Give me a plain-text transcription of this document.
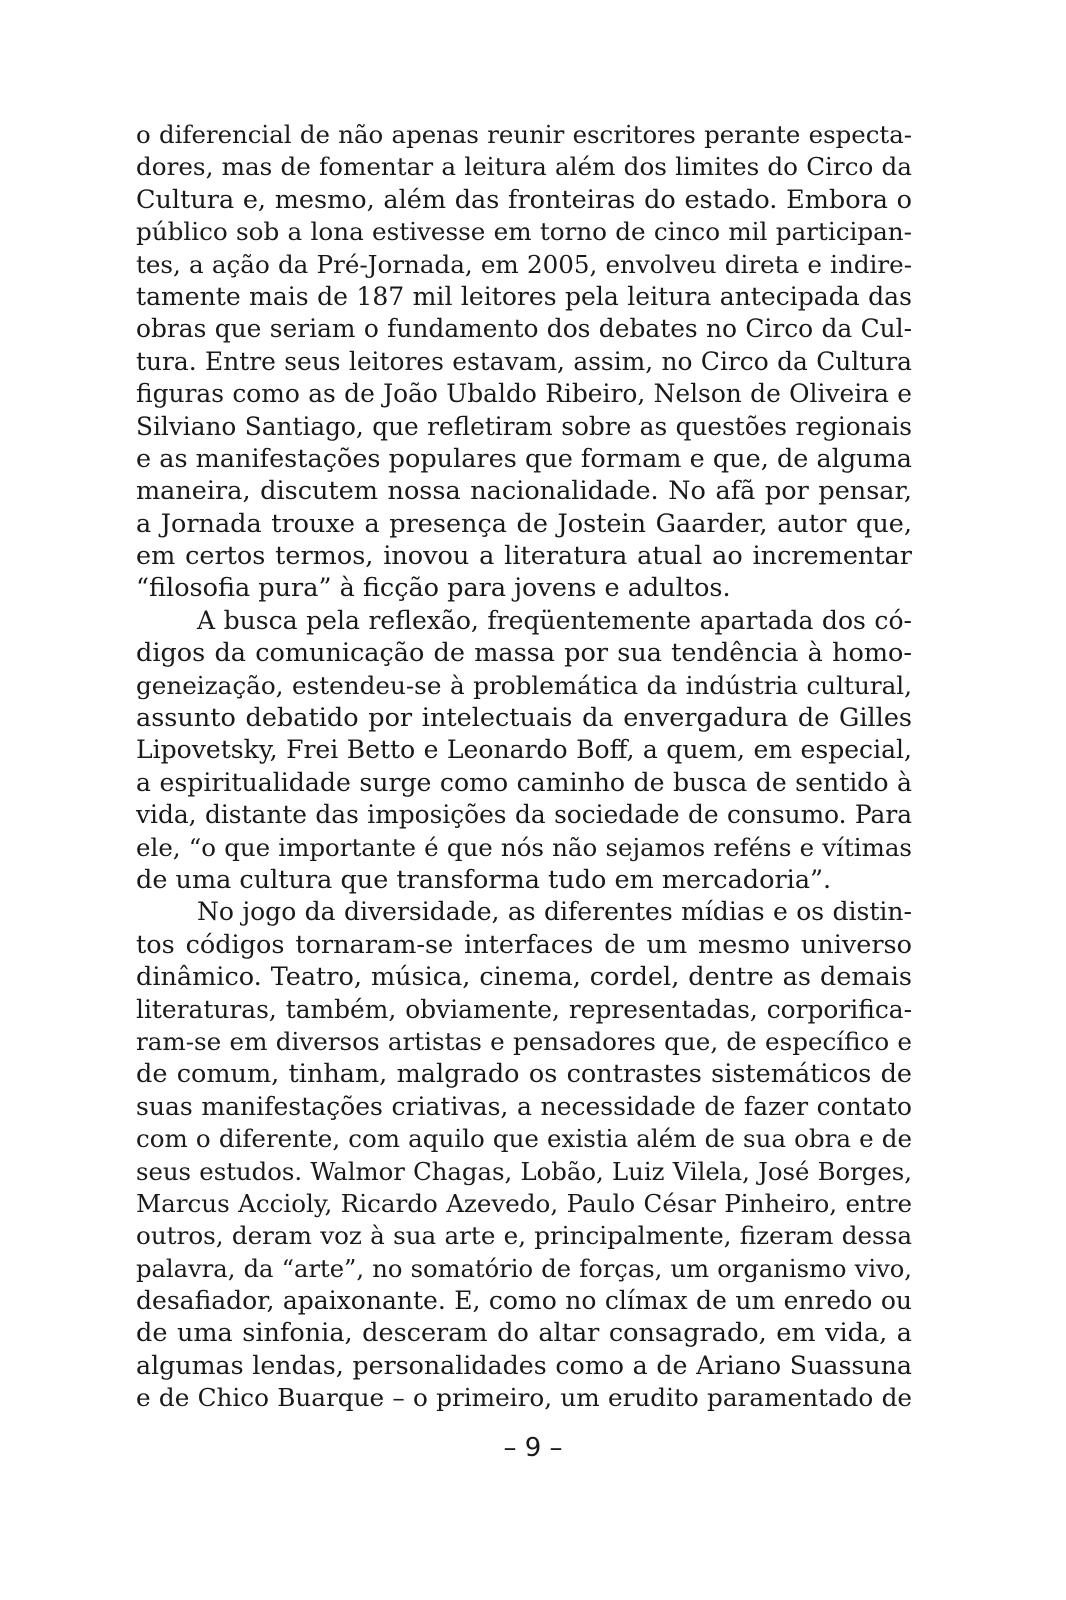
o diferencial de não apenas reunir escritores perante especta-
dores, mas de fomentar a leitura além dos limites do Circo da
Cultura e, mesmo, além das fronteiras do estado. Embora o
público sob a lona estivesse em torno de cinco mil participan-
tes, a ação da Pré-Jornada, em 2005, envolveu direta e indire-
tamente mais de 187 mil leitores pela leitura antecipada das
obras que seriam o fundamento dos debates no Circo da Cul-
tura. Entre seus leitores estavam, assim, no Circo da Cultura
figuras como as de João Ubaldo Ribeiro, Nelson de Oliveira e
Silviano Santiago, que refletiram sobre as questões regionais
e as manifestações populares que formam e que, de alguma
maneira, discutem nossa nacionalidade. No afã por pensar,
a Jornada trouxe a presença de Jostein Gaarder, autor que,
em certos termos, inovou a literatura atual ao incrementar
“filosofia pura” à ficção para jovens e adultos.
A busca pela reflexão, freqüentemente apartada dos có-
digos da comunicação de massa por sua tendência à homo-
geneização, estendeu-se à problemática da indústria cultural,
assunto debatido por intelectuais da envergadura de Gilles
Lipovetsky, Frei Betto e Leonardo Boff, a quem, em especial,
a espiritualidade surge como caminho de busca de sentido à
vida, distante das imposições da sociedade de consumo. Para
ele, “o que importante é que nós não sejamos reféns e vítimas
de uma cultura que transforma tudo em mercadoria”.
No jogo da diversidade, as diferentes mídias e os distin-
tos códigos tornaram-se interfaces de um mesmo universo
dinâmico. Teatro, música, cinema, cordel, dentre as demais
literaturas, também, obviamente, representadas, corporifica-
ram-se em diversos artistas e pensadores que, de específico e
de comum, tinham, malgrado os contrastes sistemáticos de
suas manifestações criativas, a necessidade de fazer contato
com o diferente, com aquilo que existia além de sua obra e de
seus estudos. Walmor Chagas, Lobão, Luiz Vilela, José Borges,
Marcus Accioly, Ricardo Azevedo, Paulo César Pinheiro, entre
outros, deram voz à sua arte e, principalmente, fizeram dessa
palavra, da “arte”, no somatório de forças, um organismo vivo,
desafiador, apaixonante. E, como no clímax de um enredo ou
de uma sinfonia, desceram do altar consagrado, em vida, a
algumas lendas, personalidades como a de Ariano Suassuna
e de Chico Buarque – o primeiro, um erudito paramentado de
– 9 –
